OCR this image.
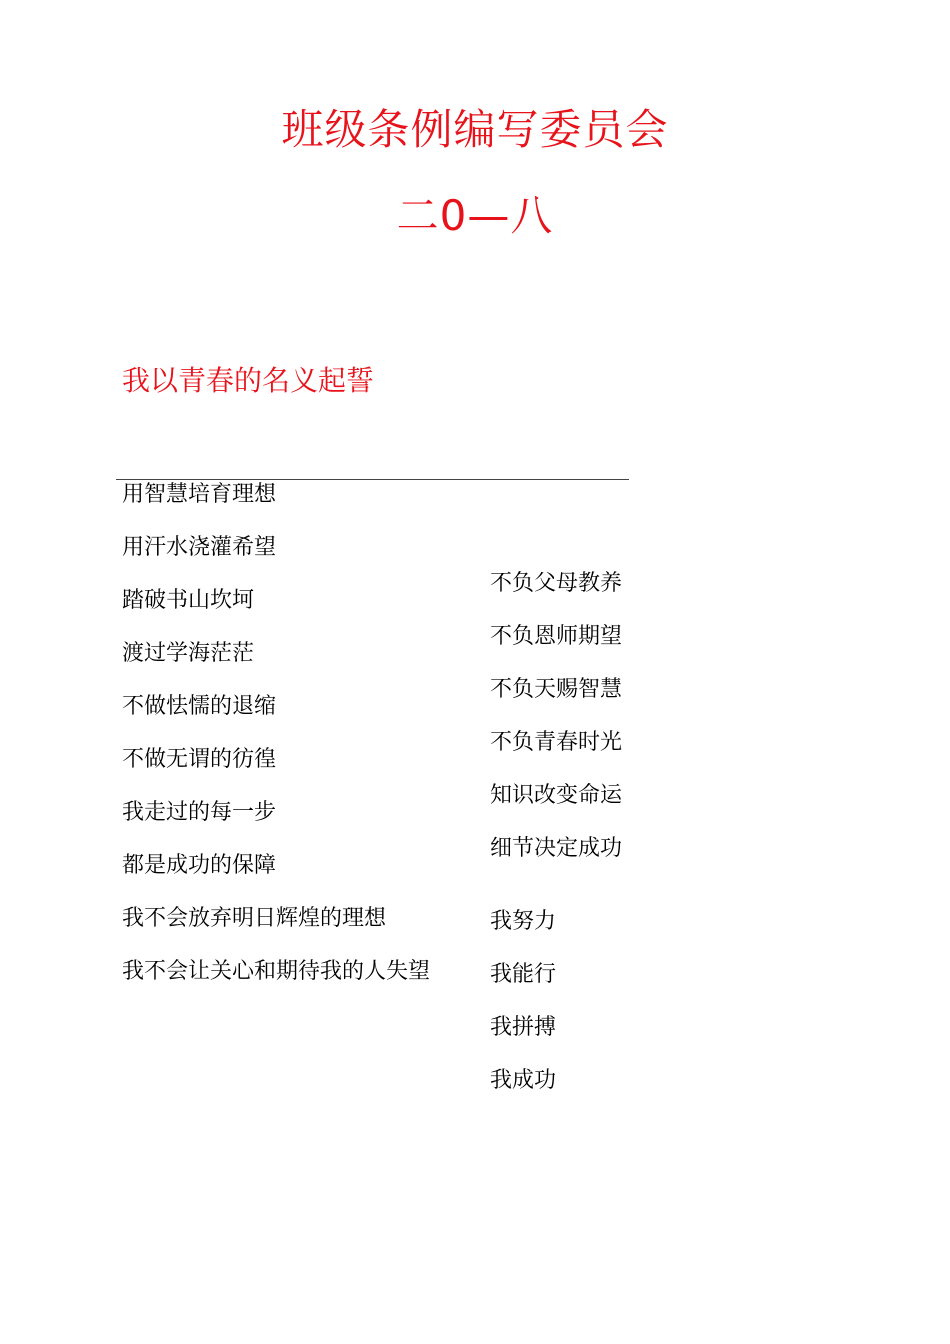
班级条例编写委员会
二0—八
我以青春的名义起誓
用智慧培育理想
用汗水浇灌希望
踏破书山坎坷
渡过学海茫茫
不做怯懦的退缩
不做无谓的彷徨
我走过的每一步
都是成功的保障
我不会放弃明日辉煌的理想
我不会让关心和期待我的人失望
不负父母教养
不负恩师期望
不负天赐智慧
不负青春时光
知识改变命运
细节决定成功
我努力
我能行
我拼搏
我成功
